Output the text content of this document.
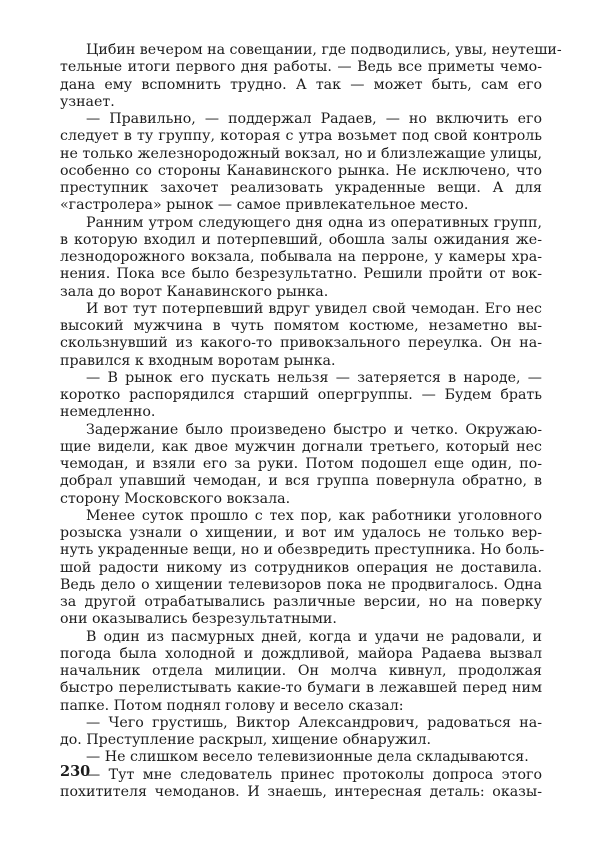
Цибин вечером на совещании, где подводились, увы, неутеши-
тельные итоги первого дня работы. — Ведь все приметы чемо-
дана ему вспомнить трудно. А так — может быть, сам его
узнает.
— Правильно, — поддержал Радаев, — но включить его
следует в ту группу, которая с утра возьмет под свой контроль
не только железнородожный вокзал, но и близлежащие улицы,
особенно со стороны Канавинского рынка. Не исключено, что
преступник захочет реализовать украденные вещи. А для
«гастролера» рынок — самое привлекательное место.
Ранним утром следующего дня одна из оперативных групп,
в которую входил и потерпевший, обошла залы ожидания же-
лезнодорожного вокзала, побывала на перроне, у камеры хра-
нения. Пока все было безрезультатно. Решили пройти от вок-
зала до ворот Канавинского рынка.
И вот тут потерпевший вдруг увидел свой чемодан. Его нес
высокий мужчина в чуть помятом костюме, незаметно вы-
скользнувший из какого-то привокзального переулка. Он на-
правился к входным воротам рынка.
— В рынок его пускать нельзя — затеряется в народе, —
коротко распорядился старший опергруппы. — Будем брать
немедленно.
Задержание было произведено быстро и четко. Окружаю-
щие видели, как двое мужчин догнали третьего, который нес
чемодан, и взяли его за руки. Потом подошел еще один, по-
добрал упавший чемодан, и вся группа повернула обратно, в
сторону Московского вокзала.
Менее суток прошло с тех пор, как работники уголовного
розыска узнали о хищении, и вот им удалось не только вер-
нуть украденные вещи, но и обезвредить преступника. Но боль-
шой радости никому из сотрудников операция не доставила.
Ведь дело о хищении телевизоров пока не продвигалось. Одна
за другой отрабатывались различные версии, но на поверку
они оказывались безрезультатными.
В один из пасмурных дней, когда и удачи не радовали, и
погода была холодной и дождливой, майора Радаева вызвал
начальник отдела милиции. Он молча кивнул, продолжая
быстро перелистывать какие-то бумаги в лежавшей перед ним
папке. Потом поднял голову и весело сказал:
— Чего грустишь, Виктор Александрович, радоваться на-
до. Преступление раскрыл, хищение обнаружил.
— Не слишком весело телевизионные дела складываются.
— Тут мне следователь принес протоколы допроса этого
похитителя чемоданов. И знаешь, интересная деталь: оказы-
230
